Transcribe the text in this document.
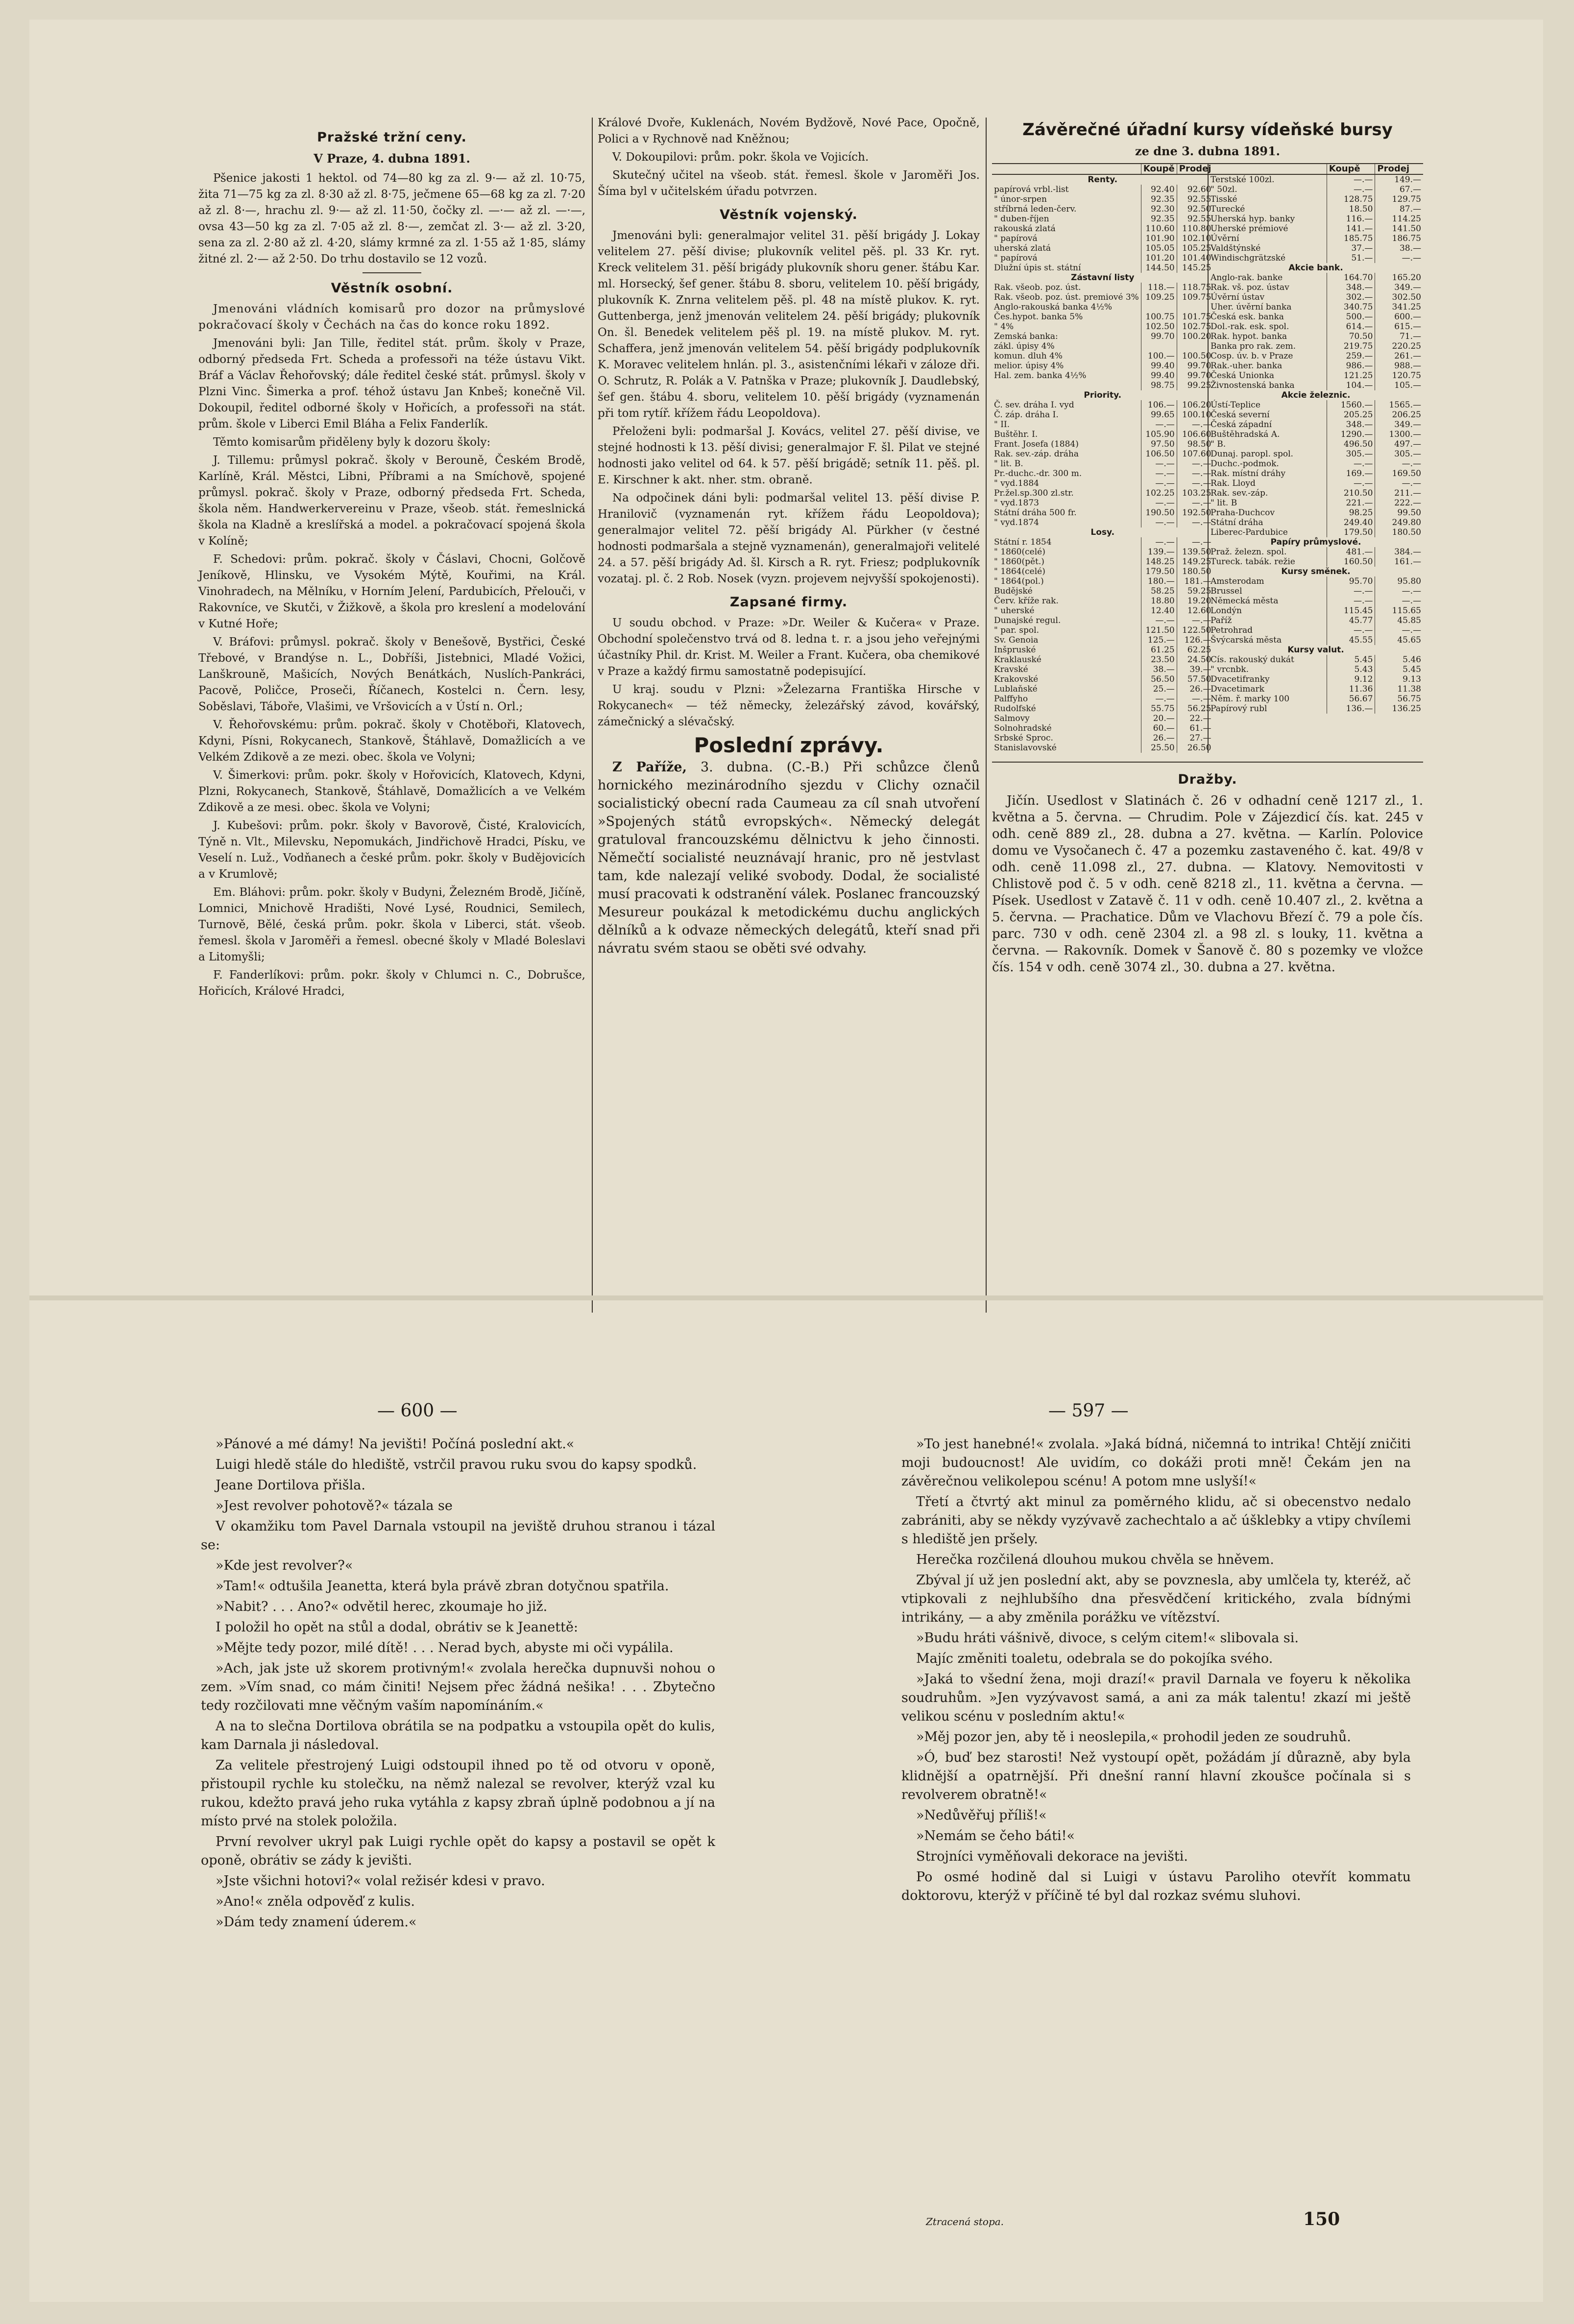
Pražské tržní ceny.
V Praze, 4. dubna 1891.

Pšenice jakosti 1 hektol. od 74—80 kg za zl. 9·— až zl. 10·75, žita 71—75 kg za zl. 8·30 až zl. 8·75, ječmene 65—68 kg za zl. 7·20 až zl. 8·—, hrachu zl. 9·— až zl. 11·50, čočky zl. —·— až zl. —·—, ovsa 43—50 kg za zl. 7·05 až zl. 8·—, zemčat zl. 3·— až zl. 3·20, sena za zl. 2·80 až zl. 4·20, slámy krmné za zl. 1·55 až 1·85, slámy žitné zl. 2·— až 2·50. Do trhu dostavilo se 12 vozů.

Věstník osobní.

Jmenováni vládních komisarů pro dozor na průmyslové pokračovací školy v Čechách na čas do konce roku 1892.

Jmenováni byli: Jan Tille, ředitel stát. prům. školy v Praze, odborný předseda Frt. Scheda a professoři na téže ústavu Vikt. Bráf a Václav Řehořovský; dále ředitel české stát. průmysl. školy v Plzni Vinc. Šimerka a prof. téhož ústavu Jan Knbeš; konečně Vil. Dokoupil, ředitel odborné školy v Hořicích, a professoři na stát. prům. škole v Liberci Emil Bláha a Felix Fanderlík.

Těmto komisarům přiděleny byly k dozoru školy:

J. Tillemu: průmysl pokrač. školy v Berouně, Českém Brodě, Karlíně, Král. Městci, Libni, Příbrami a na Smíchově, spojené průmysl. pokrač. školy v Praze, odborný předseda Frt. Scheda, škola něm. Handwerkervereinu v Praze, všeob. stát. řemeslnická škola na Kladně a kreslířská a model. a pokračovací spojená škola v Kolíně;

F. Schedovi: prům. pokrač. školy v Čáslavi, Chocni, Golčově Jeníkově, Hlinsku, ve Vysokém Mýtě, Kouřimi, na Král. Vinohradech, na Mělníku, v Horním Jelení, Pardubicích, Přelouči, v Rakovníce, ve Skutči, v Žižkově, a škola pro kreslení a modelování v Kutné Hoře;

V. Bráfovi: průmysl. pokrač. školy v Benešově, Bystřici, České Třebové, v Brandýse n. L., Dobříši, Jistebnici, Mladé Vožici, Lanškrouně, Mašicích, Nových Benátkách, Nuslích-Pankráci, Pacově, Poličce, Proseči, Říčanech, Kostelci n. Čern. lesy, Soběslavi, Táboře, Vlašimi, ve Vršovicích a v Ústí n. Orl.;

V. Řehořovskému: prům. pokrač. školy v Chotěboři, Klatovech, Kdyni, Písni, Rokycanech, Stankově, Štáhlavě, Domažlicích a ve Velkém Zdikově a ze mezi. obec. škola ve Volyni;

V. Šimerkovi: prům. pokr. školy v Hořovicích, Klatovech, Kdyni, Plzni, Rokycanech, Stankově, Štáhlavě, Domažlicích a ve Velkém Zdikově a ze mesi. obec. škola ve Volyni;

J. Kubešovi: prům. pokr. školy v Bavorově, Čisté, Kralovicích, Týně n. Vlt., Milevsku, Nepomukách, Jindřichově Hradci, Písku, ve Veselí n. Luž., Vodňanech a české prům. pokr. školy v Budějovicích a v Krumlově;

Em. Bláhovi: prům. pokr. školy v Budyni, Železném Brodě, Jičíně, Lomnici, Mnichově Hradišti, Nové Lysé, Roudnici, Semilech, Turnově, Bělé, česká prům. pokr. škola v Liberci, stát. všeob. řemesl. škola v Jaroměři a řemesl. obecné školy v Mladé Boleslavi a Litomyšli;

F. Fanderlíkovi: prům. pokr. školy v Chlumci n. C., Dobrušce, Hořicích, Králové Hradci,

Králové Dvoře, Kuklenách, Novém Bydžově, Nové Pace, Opočně, Polici a v Rychnově nad Kněžnou;

V. Dokoupilovi: prům. pokr. škola ve Vojicích.

Skutečný učitel na všeob. stát. řemesl. škole v Jaroměři Jos. Šíma byl v učitelském úřadu potvrzen.

Věstník vojenský.

Jmenováni byli: generalmajor velitel 31. pěší brigády J. Lokay velitelem 27. pěší divise; plukovník velitel pěš. pl. 33 Kr. ryt. Kreck velitelem 31. pěší brigády plukovník shoru gener. štábu Kar. ml. Horsecký, šef gener. štábu 8. sboru, velitelem 10. pěší brigády, plukovník K. Znrna velitelem pěš. pl. 48 na místě plukov. K. ryt. Guttenberga, jenž jmenován velitelem 24. pěší brigády; plukovník On. šl. Benedek velitelem pěš pl. 19. na místě plukov. M. ryt. Schaffera, jenž jmenován velitelem 54. pěší brigády podplukovník K. Moravec velitelem hnlán. pl. 3., asistenčními lékaři v záloze dři. O. Schrutz, R. Polák a V. Patnška v Praze; plukovník J. Daudlebský, šef gen. štábu 4. sboru, velitelem 10. pěší brigády (vyznamenán při tom rytíř. křížem řádu Leopoldova).

Přeloženi byli: podmaršal J. Kovács, velitel 27. pěší divise, ve stejné hodnosti k 13. pěší divisi; generalmajor F. šl. Pilat ve stejné hodnosti jako velitel od 64. k 57. pěší brigádě; setník 11. pěš. pl. E. Kirschner k akt. nher. stm. obraně.

Na odpočinek dáni byli: podmaršal velitel 13. pěší divise P. Hranilovič (vyznamenán ryt. křížem řádu Leopoldova); generalmajor velitel 72. pěší brigády Al. Pürkher (v čestné hodnosti podmaršala a stejně vyznamenán), generalmajoři velitelé 24. a 57. pěší brigády Ad. šl. Kirsch a R. ryt. Friesz; podplukovník vozataj. pl. č. 2 Rob. Nosek (vyzn. projevem nejvyšší spokojenosti).

Zapsané firmy.

U soudu obchod. v Praze: »Dr. Weiler & Kučera« v Praze. Obchodní společenstvo trvá od 8. ledna t. r. a jsou jeho veřejnými účastníky Phil. dr. Krist. M. Weiler a Frant. Kučera, oba chemikové v Praze a každý firmu samostatně podepisující.

U kraj. soudu v Plzni: »Železarna Františka Hirsche v Rokycanech« — též německy, železářský závod, kovářský, zámečnický a slévačský.

Poslední zprávy.

Z Paříže, 3. dubna. (C.-B.) Při schůzce členů hornického mezinárodního sjezdu v Clichy označil socialistický obecní rada Caumeau za cíl snah utvoření »Spojených států evropských«. Německý delegát gratuloval francouzskému dělnictvu k jeho činnosti. Němečtí socialisté neuznávají hranic, pro ně jestvlast tam, kde nalezají veliké svobody. Dodal, že socialisté musí pracovati k odstranění válek. Poslanec francouzský Mesureur poukázal k metodickému duchu anglických dělníků a k odvaze německých delegátů, kteří snad při návratu svém staou se oběti své odvahy.

Závěrečné úřadní kursy vídeňské bursy
ze dne 3. dubna 1891.
	Koupě	Prodej
Renty.		
papírová vrbl.-list	92.40	92.60
" únor-srpen	92.35	92.55
stříbrná leden-červ.	92.30	92.50
" duben-říjen	92.35	92.55
rakouská zlatá	110.60	110.80
" papírová	101.90	102.10
uherská zlatá	105.05	105.25
" papírová	101.20	101.40
Dlužní úpis st. státní	144.50	145.25
Zástavní listy		
Rak. všeob. poz. úst.	118.—	118.75
Rak. všeob. poz. úst. premiové 3%	109.25	109.75
Anglo-rakouská banka 4½%		
Čes.hypot. banka 5%	100.75	101.75
" 4%	102.50	102.75
Zemská banka:	99.70	100.20
zákl. úpisy 4%		
komun. dluh 4%	100.—	100.50
melior. úpisy 4%	99.40	99.70
Hal. zem. banka 4½%	99.40	99.70
	98.75	99.25
Priority.		
Č. sev. dráha I. vyd	106.—	106.20
Č. záp. dráha I.	99.65	100.10
" II.	—.—	—.—
Buštěhr. I.	105.90	106.60
Frant. Josefa (1884)	97.50	98.50
Rak. sev.-záp. dráha	106.50	107.60
" lit. B.	—.—	—.—
Pr.-duchc.-dr. 300 m.	—.—	—.—
" vyd.1884	—.—	—.—
Pr.žel.sp.300 zl.str.	102.25	103.25
" vyd.1873	—.—	—.—
Státní dráha 500 fr.	190.50	192.50
" vyd.1874	—.—	—.—
Losy.		
Státní r. 1854	—.—	—.—
" 1860(celé)	139.—	139.50
" 1860(pět.)	148.25	149.25
" 1864(celé)	179.50	180.50
" 1864(pol.)	180.—	181.—
Budějské	58.25	59.25
Červ. kříže rak.	18.80	19.20
" uherské	12.40	12.60
Dunajské regul.	—.—	—.—
" par. spol.	121.50	122.50
Sv. Genoia	125.—	126.—
Inšpruské	61.25	62.25
Kraklauské	23.50	24.50
Kravské	38.—	39.—
Krakovské	56.50	57.50
Lublaňské	25.—	26.—
Palffyho	—.—	—.—
Rudolfské	55.75	56.25
Salmovy	20.—	22.—
Solnohradské	60.—	61.—
Srbské Sproc.	26.—	27.—
Stanislavovské	25.50	26.50
	Koupě	Prodej
Terstské 100zl.	—.—	149.—
" 50zl.	—.—	67.—
Tisské	128.75	129.75
Turecké	18.50	87.—
Uherská hyp. banky	116.—	114.25
Uherské prémiové	141.—	141.50
Úvěrní	185.75	186.75
Valdštýnské	37.—	38.—
Windischgrätzské	51.—	—.—
Akcie bank.		
Anglo-rak. banke	164.70	165.20
Rak. vš. poz. ústav	348.—	349.—
Úvěrní ústav	302.—	302.50
Uher. úvěrní banka	340.75	341.25
Česká esk. banka	500.—	600.—
Dol.-rak. esk. spol.	614.—	615.—
Rak. hypot. banka	70.50	71.—
Banka pro rak. zem.	219.75	220.25
Cosp. úv. b. v Praze	259.—	261.—
Rak.-uher. banka	986.—	988.—
Česká Unionka	121.25	120.75
Živnostenská banka	104.—	105.—
Akcie železnic.		
Ústí-Teplice	1560.—	1565.—
Česká severní	205.25	206.25
Česká západní	348.—	349.—
Buštěhradská A.	1290.—	1300.—
" B.	496.50	497.—
Dunaj. paropl. spol.	305.—	305.—
Duchc.-podmok.	—.—	—.—
Rak. místní dráhy	169.—	169.50
Rak. Lloyd	—.—	—.—
Rak. sev.-záp.	210.50	211.—
" lit. B	221.—	222.—
Praha-Duchcov	98.25	99.50
Státní dráha	249.40	249.80
Liberec-Pardubice	179.50	180.50
Papíry průmyslové.		
Praž. železn. spol.	481.—	384.—
Tureck. tabák. režie	160.50	161.—
Kursy směnek.		
Amsterodam	95.70	95.80
Brussel	—.—	—.—
Německá města	—.—	—.—
Londýn	115.45	115.65
Paříž	45.77	45.85
Petrohrad	—.—	—.—
Švýcarská města	45.55	45.65
Kursy valut.		
Cís. rakouský dukát	5.45	5.46
" vrcnbk.	5.43	5.45
Dvacetifranky	9.12	9.13
Dvacetimark	11.36	11.38
Něm. ř. marky 100	56.67	56.75
Papírový rubl	136.—	136.25
Dražby.

Jičín. Usedlost v Slatinách č. 26 v odhadní ceně 1217 zl., 1. května a 5. června. — Chrudim. Pole v Zájezdicí čís. kat. 245 v odh. ceně 889 zl., 28. dubna a 27. května. — Karlín. Polovice domu ve Vysočanech č. 47 a pozemku zastaveného č. kat. 49/8 v odh. ceně 11.098 zl., 27. dubna. — Klatovy. Nemovitosti v Chlistově pod č. 5 v odh. ceně 8218 zl., 11. května a června. — Písek. Usedlost v Zatavě č. 11 v odh. ceně 10.407 zl., 2. května a 5. června. — Prachatice. Dům ve Vlachovu Březí č. 79 a pole čís. parc. 730 v odh. ceně 2304 zl. a 98 zl. s louky, 11. května a června. — Rakovník. Domek v Šanově č. 80 s pozemky ve vložce čís. 154 v odh. ceně 3074 zl., 30. dubna a 27. května.

— 600 —

»Pánové a mé dámy! Na jevišti! Počíná poslední akt.«

Luigi hledě stále do hlediště, vstrčil pravou ruku svou do kapsy spodků.

Jeane Dortilova přišla.

»Jest revolver pohotově?« tázala se

V okamžiku tom Pavel Darnala vstoupil na jeviště druhou stranou i tázal se:

»Kde jest revolver?«

»Tam!« odtušila Jeanetta, která byla právě zbran dotyčnou spatřila.

»Nabit? . . . Ano?« odvětil herec, zkoumaje ho již.

I položil ho opět na stůl a dodal, obrátiv se k Jeanettě:

»Mějte tedy pozor, milé dítě! . . . Nerad bych, abyste mi oči vypálila.

»Ach, jak jste už skorem protivným!« zvolala herečka dupnuvši nohou o zem. »Vím snad, co mám činiti! Nejsem přec žádná nešika! . . . Zbytečno tedy rozčilovati mne věčným vaším napomínáním.«

A na to slečna Dortilova obrátila se na podpatku a vstoupila opět do kulis, kam Darnala ji následoval.

Za velitele přestrojený Luigi odstoupil ihned po tě od otvoru v oponě, přistoupil rychle ku stolečku, na němž nalezal se revolver, kterýž vzal ku rukou, kdežto pravá jeho ruka vytáhla z kapsy zbraň úplně podobnou a jí na místo prvé na stolek položila.

První revolver ukryl pak Luigi rychle opět do kapsy a postavil se opět k oponě, obrátiv se zády k jevišti.

»Jste všichni hotovi?« volal režisér kdesi v pravo.

»Ano!« zněla odpověď z kulis.

»Dám tedy znamení úderem.«

— 597 —

»To jest hanebné!« zvolala. »Jaká bídná, ničemná to intrika! Chtějí zničiti moji budoucnost! Ale uvidím, co dokáži proti mně! Čekám jen na závěrečnou velikolepou scénu! A potom mne uslyší!«

Třetí a čtvrtý akt minul za poměrného klidu, ač si obecenstvo nedalo zabrániti, aby se někdy vyzývavě zachechtalo a ač úšklebky a vtipy chvílemi s hlediště jen pršely.

Herečka rozčilená dlouhou mukou chvěla se hněvem.

Zbýval jí už jen poslední akt, aby se povznesla, aby umlčela ty, kteréž, ač vtipkovali z nejhlubšího dna přesvědčení kritického, zvala bídnými intrikány, — a aby změnila porážku ve vítězství.

»Budu hráti vášnivě, divoce, s celým citem!« slibovala si.

Majíc změniti toaletu, odebrala se do pokojíka svého.

»Jaká to všední žena, moji drazí!« pravil Darnala ve foyeru k několika soudruhům. »Jen vyzývavost samá, a ani za mák talentu! zkazí mi ještě velikou scénu v posledním aktu!«

»Měj pozor jen, aby tě i neoslepila,« prohodil jeden ze soudruhů.

»Ó, buď bez starosti! Než vystoupí opět, požádám jí důrazně, aby byla klidnější a opatrnější. Při dnešní ranní hlavní zkoušce počínala si s revolverem obratně!«

»Nedůvěřuj příliš!«

»Nemám se čeho báti!«

Strojníci vyměňovali dekorace na jevišti.

Po osmé hodině dal si Luigi v ústavu Paroliho otevřít kommatu doktorovu, kterýž v příčině té byl dal rozkaz svému sluhovi.

Ztracená stopa.	150
